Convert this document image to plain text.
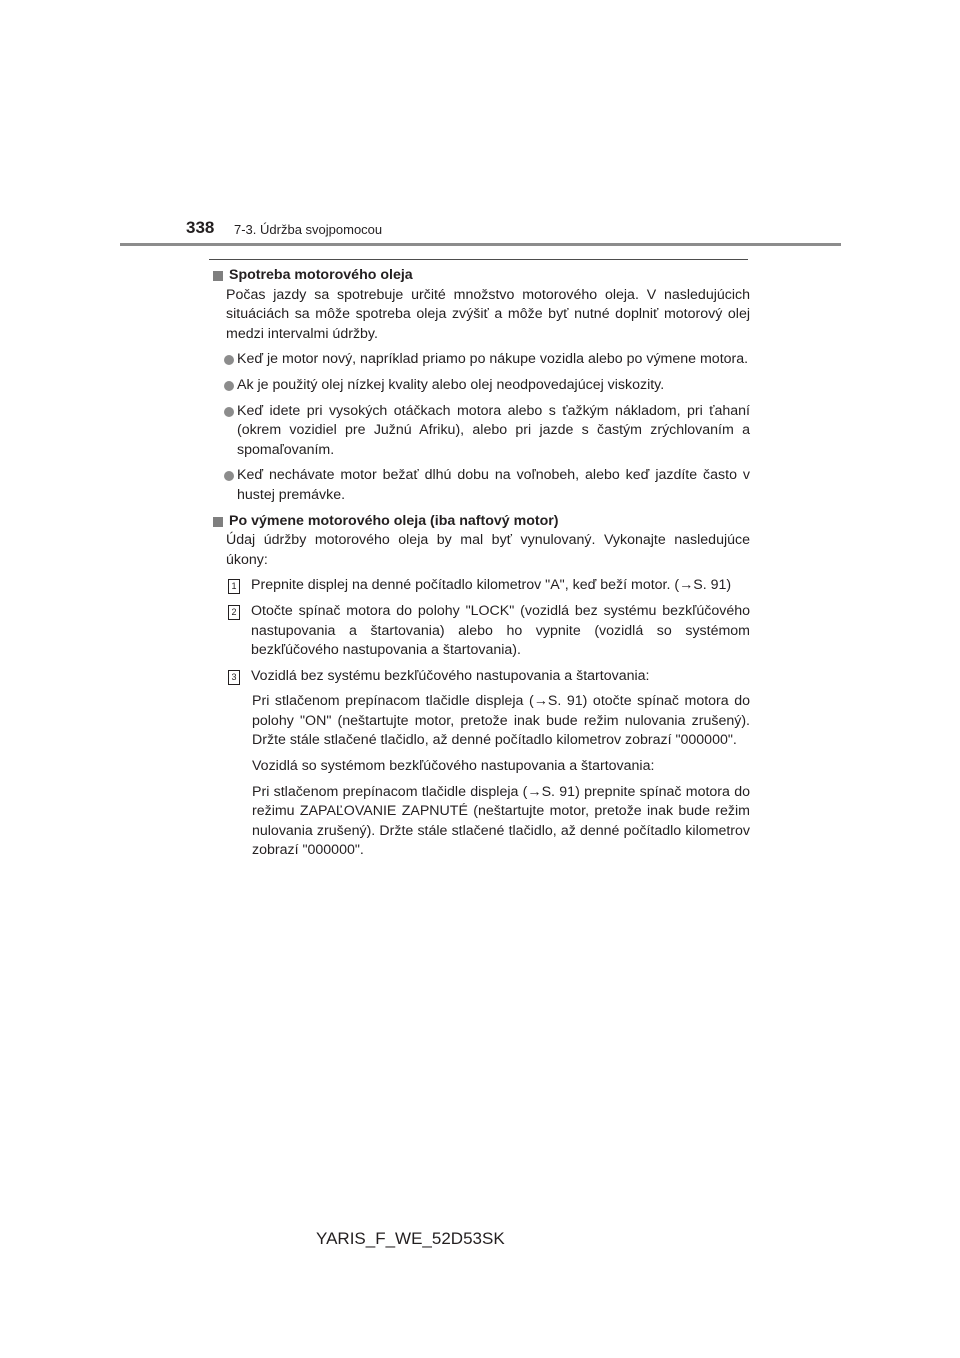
338 7-3. Údržba svojpomocou
Spotreba motorového oleja
Počas jazdy sa spotrebuje určité množstvo motorového oleja. V nasledujúcich situáciách sa môže spotreba oleja zvýšiť a môže byť nutné doplniť motorový olej medzi intervalmi údržby.
Keď je motor nový, napríklad priamo po nákupe vozidla alebo po výmene motora.
Ak je použitý olej nízkej kvality alebo olej neodpovedajúcej viskozity.
Keď idete pri vysokých otáčkach motora alebo s ťažkým nákladom, pri ťahaní (okrem vozidiel pre Južnú Afriku), alebo pri jazde s častým zrýchlovaním a spomaľovaním.
Keď nechávate motor bežať dlhú dobu na voľnobeh, alebo keď jazdíte často v hustej premávke.
Po výmene motorového oleja (iba naftový motor)
Údaj údržby motorového oleja by mal byť vynulovaný. Vykonajte nasledujúce úkony:
1 Prepnite displej na denné počítadlo kilometrov "A", keď beží motor. (→S. 91)
2 Otočte spínač motora do polohy "LOCK" (vozidlá bez systému bezkľúčového nastupovania a štartovania) alebo ho vypnite (vozidlá so systémom bezkľúčového nastupovania a štartovania).
3 Vozidlá bez systému bezkľúčového nastupovania a štartovania:
Pri stlačenom prepínacom tlačidle displeja (→S. 91) otočte spínač motora do polohy "ON" (neštartujte motor, pretože inak bude režim nulovania zrušený). Držte stále stlačené tlačidlo, až denné počítadlo kilometrov zobrazí "000000".
Vozidlá so systémom bezkľúčového nastupovania a štartovania:
Pri stlačenom prepínacom tlačidle displeja (→S. 91) prepnite spínač motora do režimu ZAPAĽOVANIE ZAPNUTÉ (neštartujte motor, pretože inak bude režim nulovania zrušený). Držte stále stlačené tlačidlo, až denné počítadlo kilometrov zobrazí "000000".
YARIS_F_WE_52D53SK
